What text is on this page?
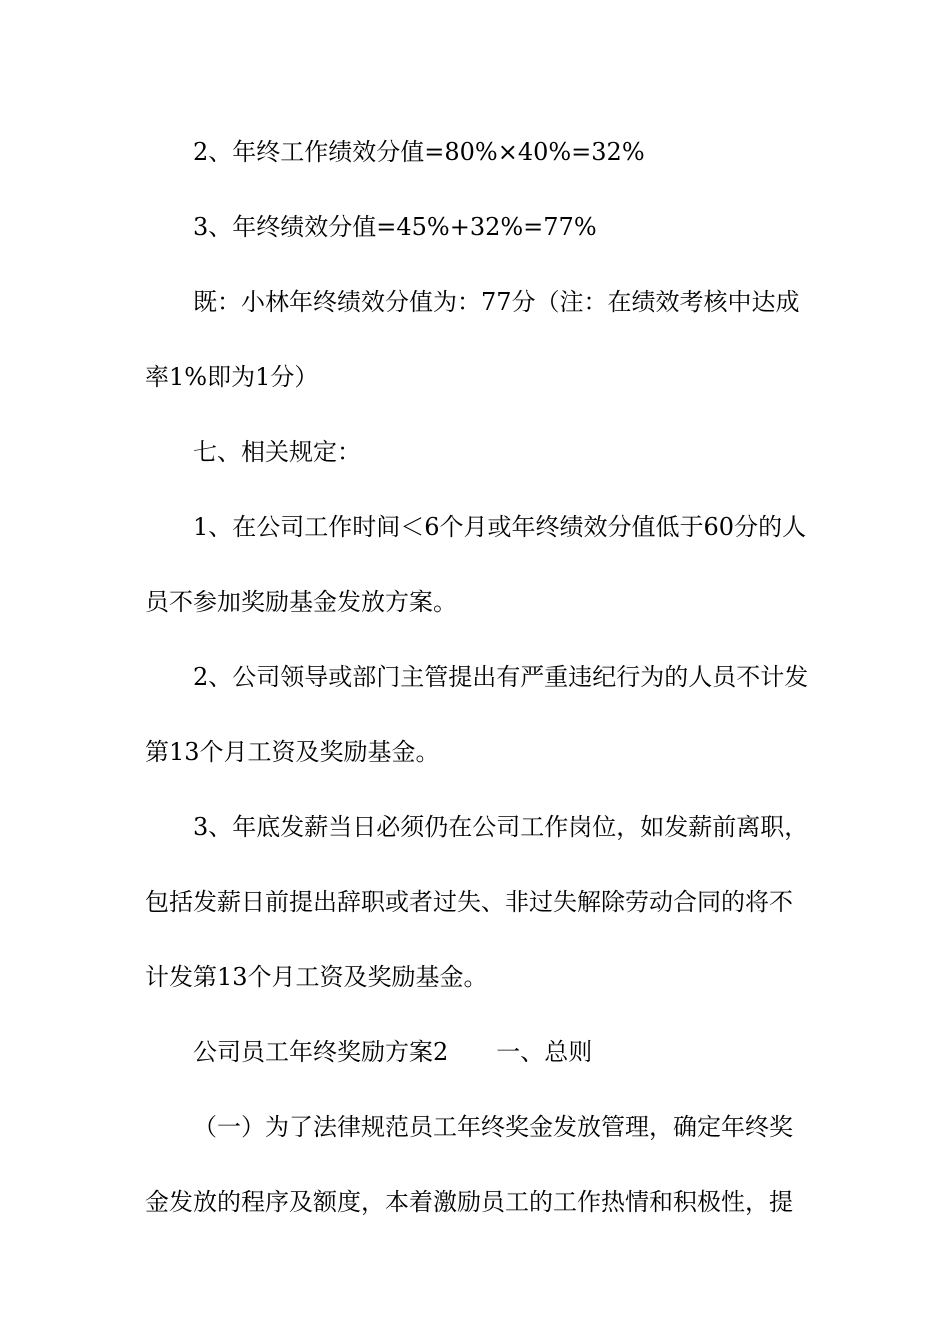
2、年终工作绩效分值=80%×40%=32%
3、年终绩效分值=45%+32%=77%
既：小林年终绩效分值为：77分（注：在绩效考核中达成
率1%即为1分）
七、相关规定：
1、在公司工作时间＜6个月或年终绩效分值低于60分的人
员不参加奖励基金发放方案。
2、公司领导或部门主管提出有严重违纪行为的人员不计发
第13个月工资及奖励基金。
3、年底发薪当日必须仍在公司工作岗位，如发薪前离职，
包括发薪日前提出辞职或者过失、非过失解除劳动合同的将不
计发第13个月工资及奖励基金。
公司员工年终奖励方案2　　一、总则
（一）为了法律规范员工年终奖金发放管理，确定年终奖
金发放的程序及额度，本着激励员工的工作热情和积极性，提
